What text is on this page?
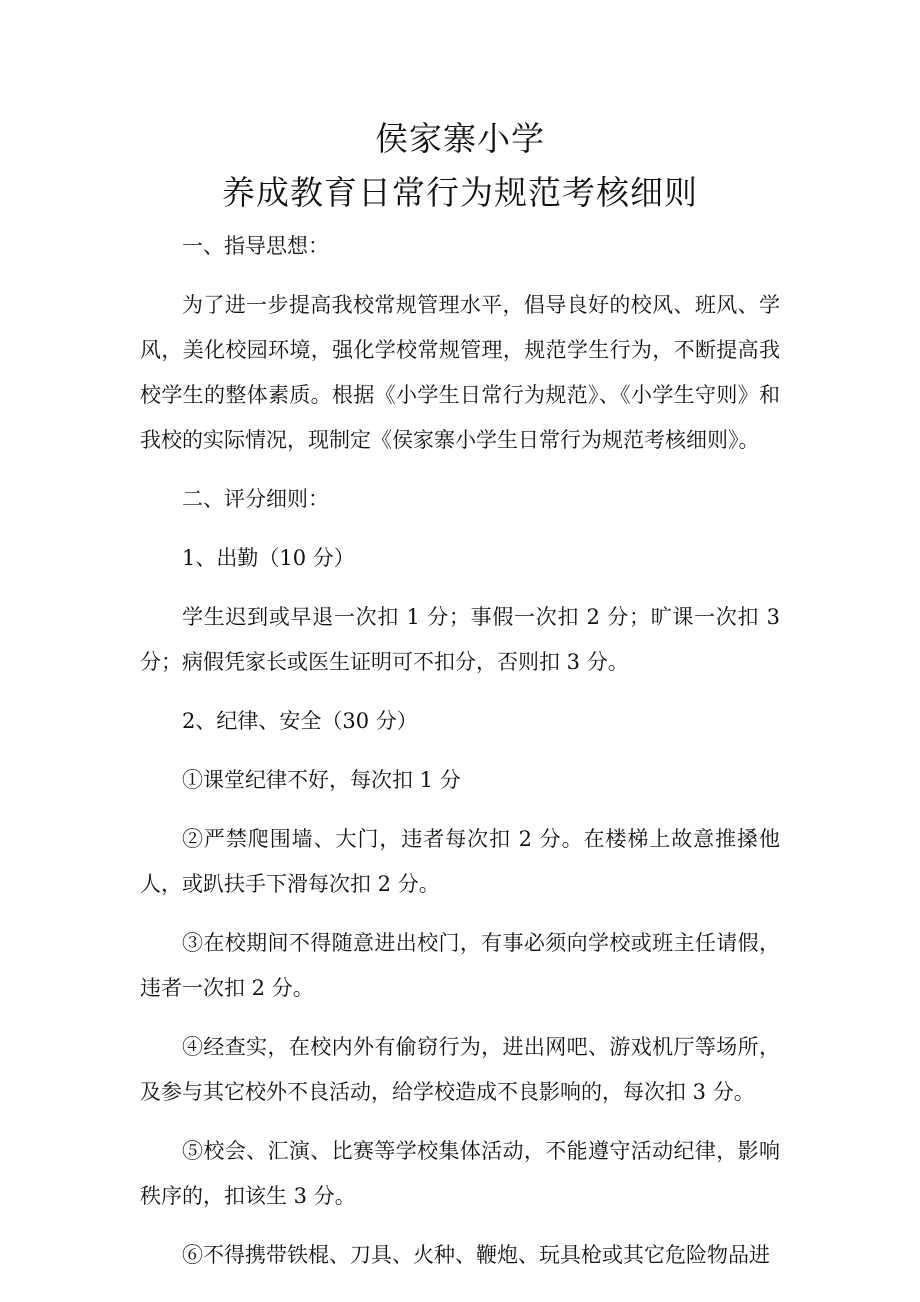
侯家寨小学
养成教育日常行为规范考核细则

一、指导思想：

为了进一步提高我校常规管理水平，倡导良好的校风、班风、学风，美化校园环境，强化学校常规管理，规范学生行为，不断提高我校学生的整体素质。根据《小学生日常行为规范》、《小学生守则》和我校的实际情况，现制定《侯家寨小学生日常行为规范考核细则》。

二、评分细则：

1、出勤（10 分）

学生迟到或早退一次扣 1 分；事假一次扣 2 分；旷课一次扣 3 分；病假凭家长或医生证明可不扣分，否则扣 3 分。

2、纪律、安全（30 分）

①课堂纪律不好，每次扣 1 分

②严禁爬围墙、大门，违者每次扣 2 分。在楼梯上故意推搡他人，或趴扶手下滑每次扣 2 分。

③在校期间不得随意进出校门，有事必须向学校或班主任请假，违者一次扣 2 分。

④经查实，在校内外有偷窃行为，进出网吧、游戏机厅等场所，及参与其它校外不良活动，给学校造成不良影响的，每次扣 3 分。

⑤校会、汇演、比赛等学校集体活动，不能遵守活动纪律，影响秩序的，扣该生 3 分。

⑥不得携带铁棍、刀具、火种、鞭炮、玩具枪或其它危险物品进
